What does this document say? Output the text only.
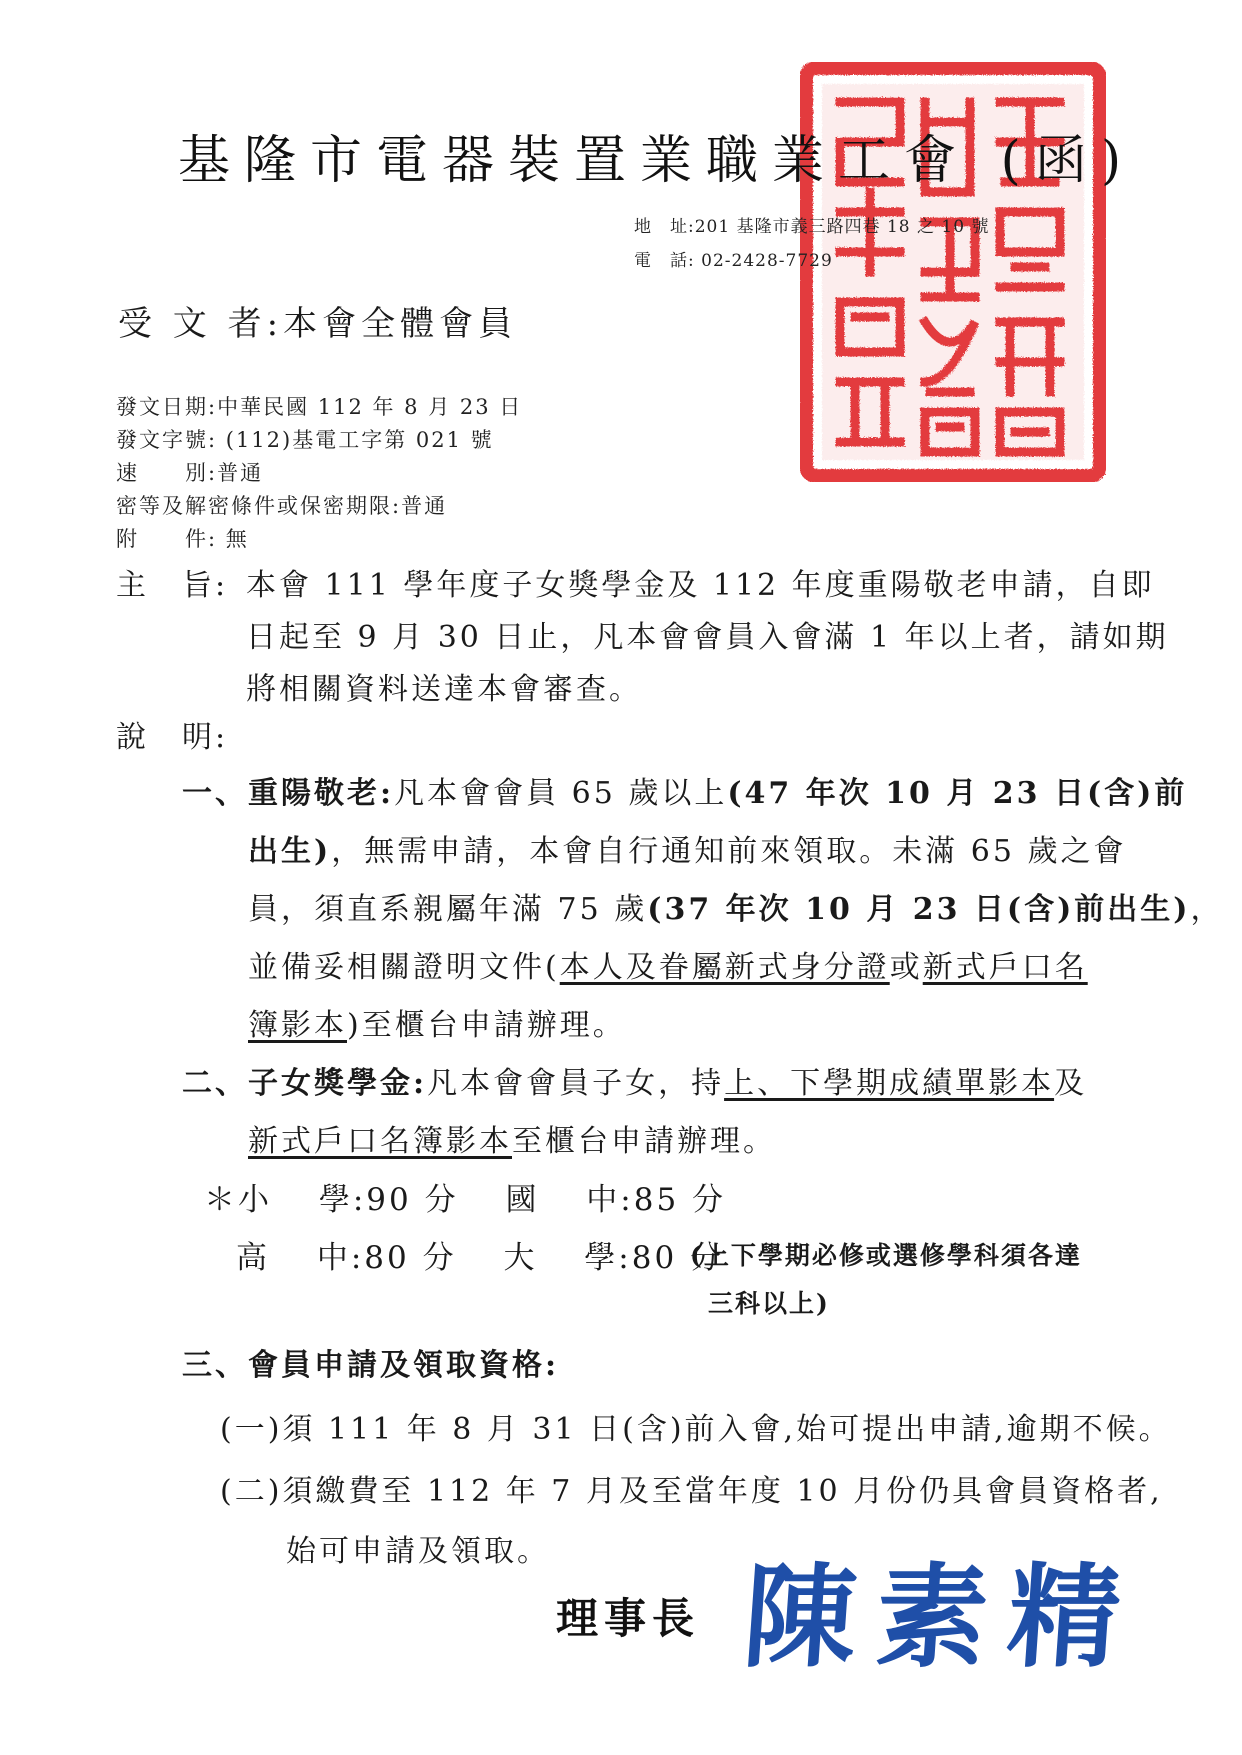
基隆市電器裝置業職業工會 (函)
地　址:201 基隆市義三路四巷 18 之 10 號
電　話: 02-2428-7729
受 文 者:本會全體會員
發文日期:中華民國 112 年 8 月 23 日
發文字號: (112)基電工字第 021 號
速　　別:普通
密等及解密條件或保密期限:普通
附　　件: 無
主　旨: 本會 111 學年度子女獎學金及 112 年度重陽敬老申請，自即
日起至 9 月 30 日止，凡本會會員入會滿 1 年以上者，請如期
將相關資料送達本會審查。
說　明:
一、重陽敬老:凡本會會員 65 歲以上(47 年次 10 月 23 日(含)前
出生)，無需申請，本會自行通知前來領取。未滿 65 歲之會
員，須直系親屬年滿 75 歲(37 年次 10 月 23 日(含)前出生)，
並備妥相關證明文件(本人及眷屬新式身分證或新式戶口名
簿影本)至櫃台申請辦理。
二、子女獎學金:凡本會會員子女，持上、下學期成績單影本及
新式戶口名簿影本至櫃台申請辦理。
＊小　 學:90 分　 國　 中:85 分
高　 中:80 分　 大　 學:80 分
(上下學期必修或選修學科須各達
三科以上)
三、會員申請及領取資格:
(一)須 111 年 8 月 31 日(含)前入會,始可提出申請,逾期不候。
(二)須繳費至 112 年 7 月及至當年度 10 月份仍具會員資格者,
始可申請及領取。
理事長 陳素精
